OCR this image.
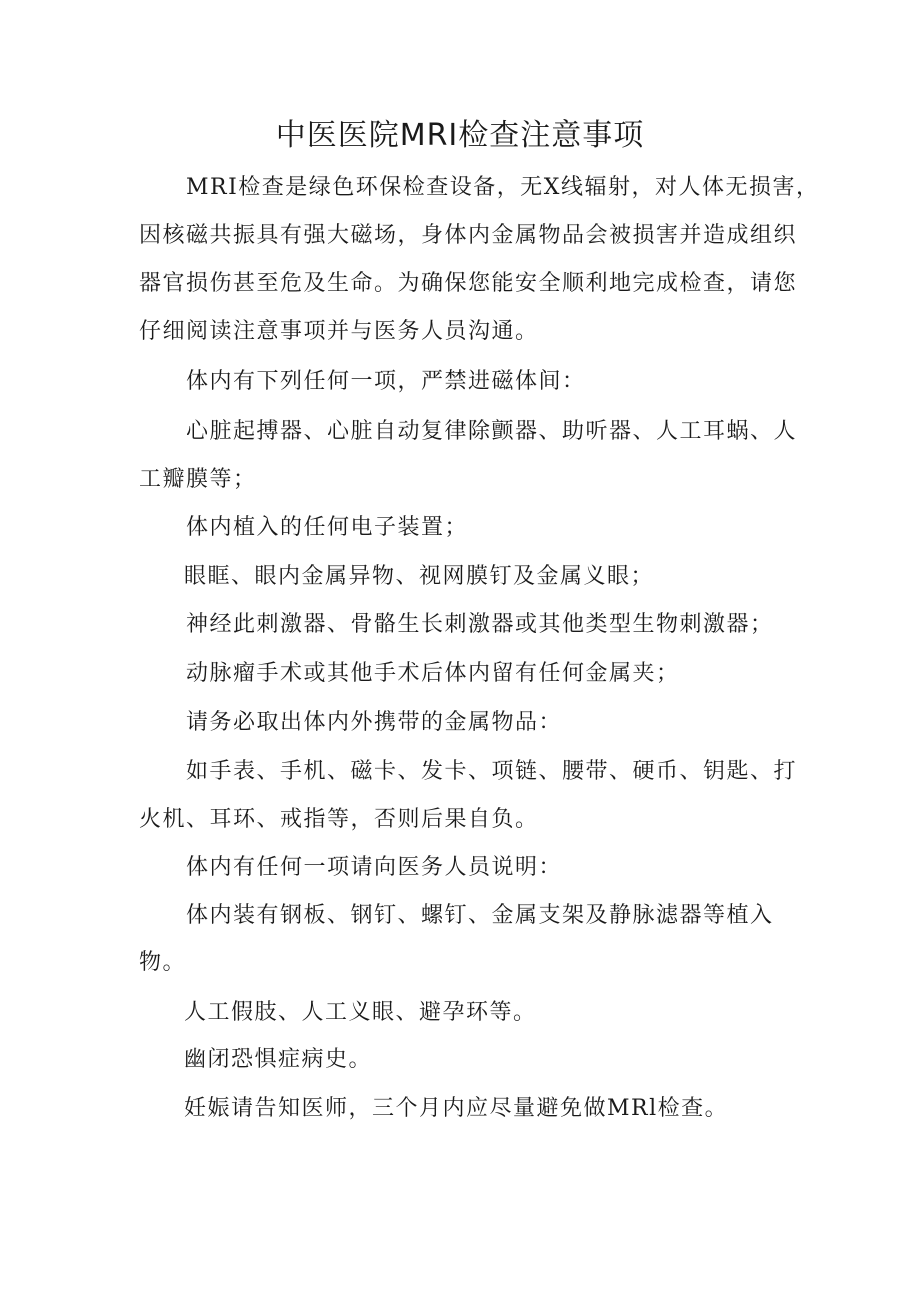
中医医院MRI检查注意事项

MRI检查是绿色环保检查设备，无X线辐射，对人体无损害，

因核磁共振具有强大磁场，身体内金属物品会被损害并造成组织

器官损伤甚至危及生命。为确保您能安全顺利地完成检查，请您

仔细阅读注意事项并与医务人员沟通。

体内有下列任何一项，严禁进磁体间：

心脏起搏器、心脏自动复律除颤器、助听器、人工耳蜗、人

工瓣膜等；

体内植入的任何电子装置；

眼眶、眼内金属异物、视网膜钉及金属义眼；

神经此刺激器、骨骼生长刺激器或其他类型生物刺激器；

动脉瘤手术或其他手术后体内留有任何金属夹；

请务必取出体内外携带的金属物品：

如手表、手机、磁卡、发卡、项链、腰带、硬币、钥匙、打

火机、耳环、戒指等，否则后果自负。

体内有任何一项请向医务人员说明：

体内装有钢板、钢钉、螺钉、金属支架及静脉滤器等植入

物。

人工假肢、人工义眼、避孕环等。

幽闭恐惧症病史。

妊娠请告知医师，三个月内应尽量避免做MRl检查。
